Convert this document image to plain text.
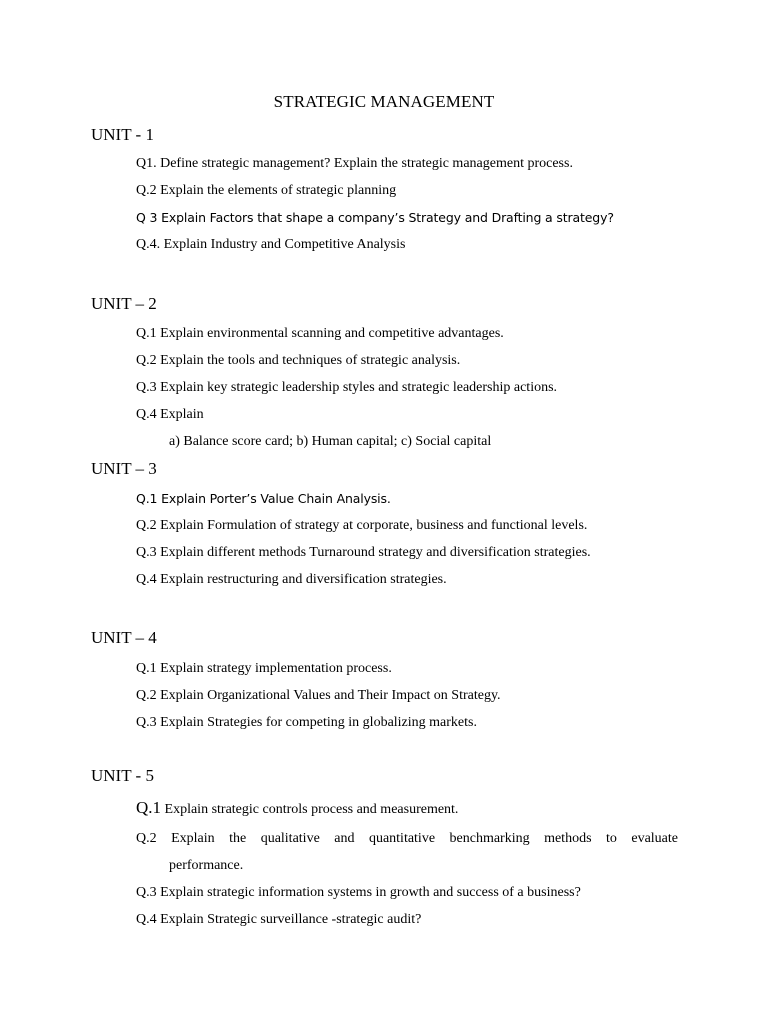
STRATEGIC MANAGEMENT
UNIT - 1
Q1. Define strategic management? Explain the strategic management process.
Q.2 Explain the elements of strategic planning
Q 3 Explain Factors that shape a company’s Strategy and Drafting a strategy?
Q.4. Explain Industry and Competitive Analysis
UNIT – 2
Q.1 Explain environmental scanning and competitive advantages.
Q.2 Explain the tools and techniques of strategic analysis.
Q.3 Explain key strategic leadership styles and strategic leadership actions.
Q.4 Explain
a) Balance score card; b) Human capital; c) Social capital
UNIT – 3
Q.1 Explain Porter’s Value Chain Analysis.
Q.2 Explain Formulation of strategy at corporate, business and functional levels.
Q.3 Explain different methods Turnaround strategy and diversification strategies.
Q.4 Explain restructuring and diversification strategies.
UNIT – 4
Q.1 Explain strategy implementation process.
Q.2 Explain Organizational Values and Their Impact on Strategy.
Q.3 Explain Strategies for competing in globalizing markets.
UNIT - 5
Q.1 Explain strategic controls process and measurement.
Q.2 Explain the qualitative and quantitative benchmarking methods to evaluate
performance.
Q.3 Explain strategic information systems in growth and success of a business?
Q.4 Explain Strategic surveillance -strategic audit?
